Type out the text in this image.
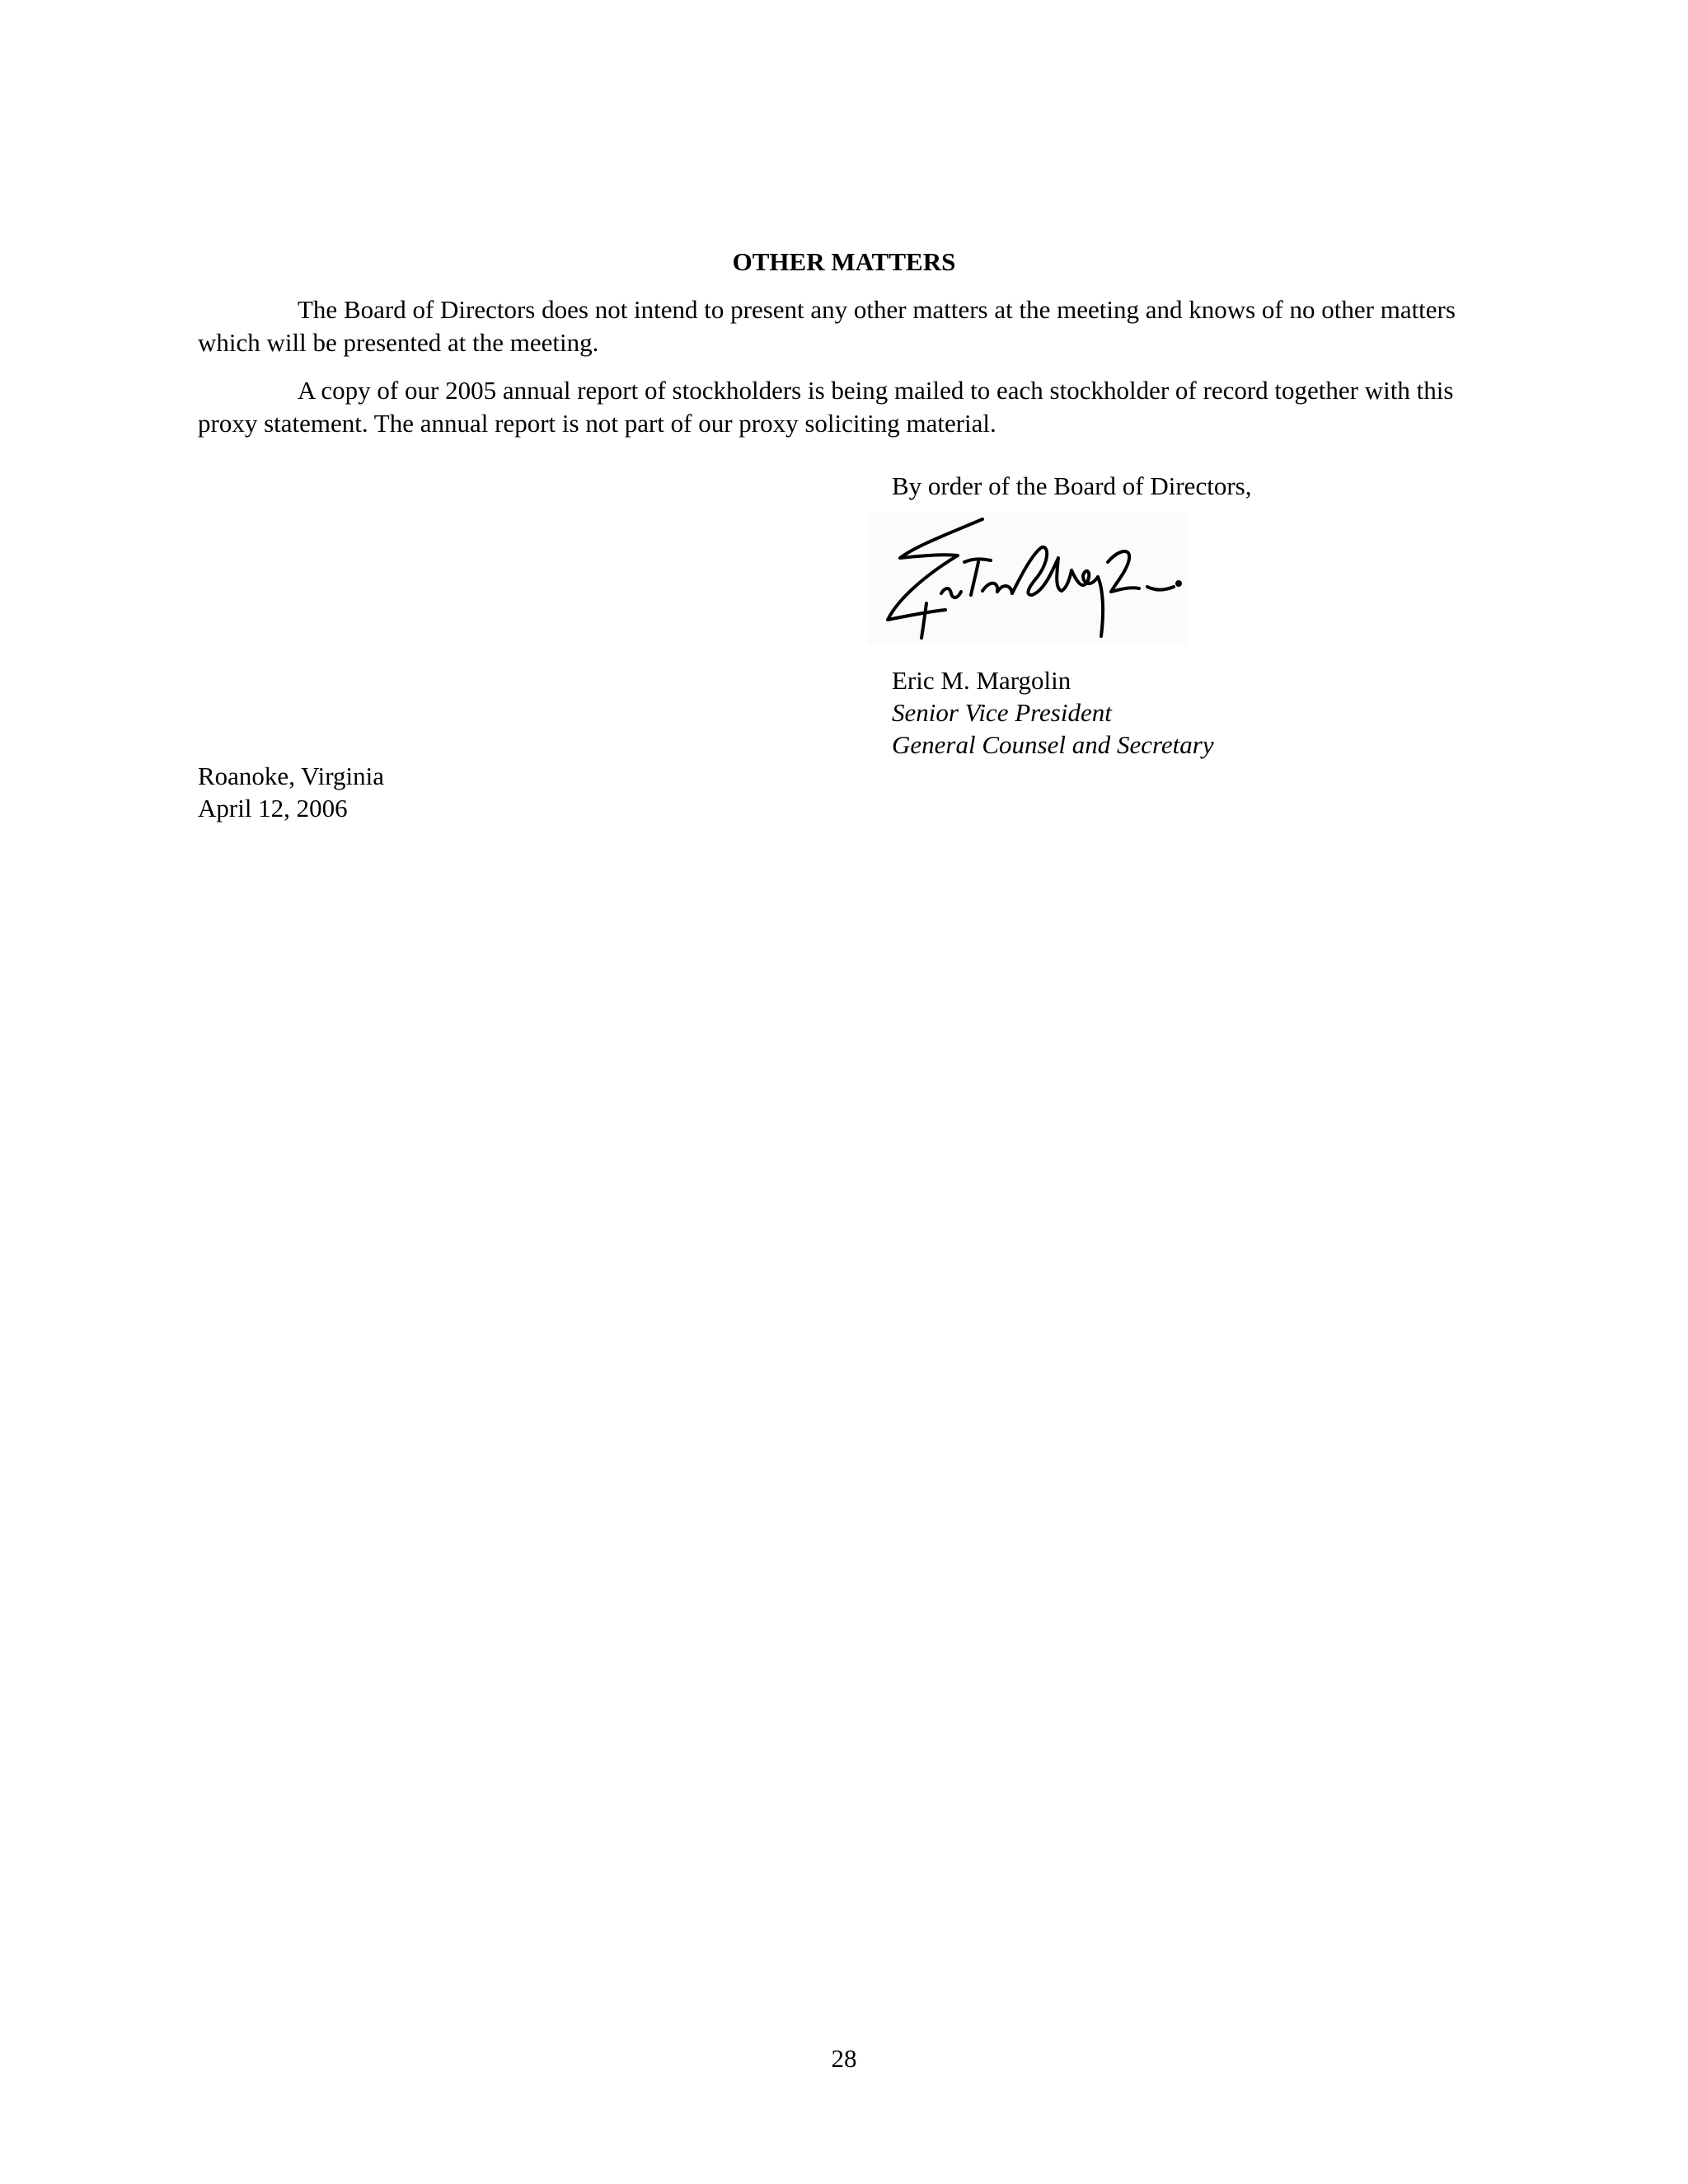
OTHER MATTERS

The Board of Directors does not intend to present any other matters at the meeting and knows of no other matters which will be presented at the meeting.

A copy of our 2005 annual report of stockholders is being mailed to each stockholder of record together with this proxy statement. The annual report is not part of our proxy soliciting material.

By order of the Board of Directors,
Eric M. Margolin
Senior Vice President
General Counsel and Secretary
Roanoke, Virginia
April 12, 2006
28
